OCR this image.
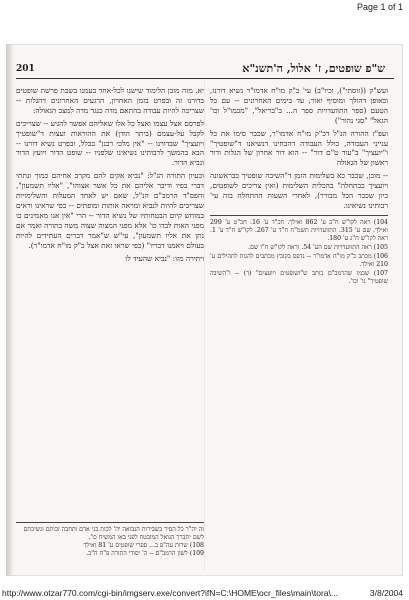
Page 1 of 1
201	ש"פ שופטים, ז' אלול, ה'תשנ"א

ועש"ק ((זוסתי"), וכיו"ב) עי' כ"ק מו"ח אדמו"ר נשיא דורנו, ובאופן דהולך ומוסיף ואור, עד בימים האחרונים -- עם כל הטעם (ספר התוועדויות ספר ה... ב"בריאל", "מכמו"ל וכו' הגאל" "סגי נהור")

ועפ"ז ההורה הנ"ל דכ"ק מו"ח אדמו"ר, שכבר סימו את כל ענייני העבודה, כולל העבודה דהבחינו דנשיאנו ד"שופטיך" ו"יועציך" ב"עוד ט"ם דור" -- הוא דור אחרון של הגלות ודור ראשון של הגאולה

-- מובן, שכבר כא בשלימות הזמן ד"השיבה שופטיך כבראשונה ויועציך כבתחלה" בהכלית השלימות (ואין צריכים לשופטים, כיון שכבר הכל מבורר), לאחרי השעות ההתחלה בזה עי' רבותינו נשיאינו.

104) ראה לקו"ש ח"ב ע' 862 ואילך. חכ"ד ע' 16. חכ"ט ע' 299 ואילך. שם ע' 315. התוועדויות תשמ"ח ח"ד ע' 267. לקו"ש ח"ד ע' 1. ראה לקו"ש ח"ג ע' 180.

105) ראה התוועדויות שם הע' 54. וראה לקו"ש ח"ו שם.

106) מכתב כ"ק מו"ח אדמו"ר -- נדפס בקובץ מכתבים להגות לתהילים ע' 210 ואילך.

107) שכמו שהרמב"ם כותב ש"ושופטים ויועצים" (ד) -- ו"השיבה שופטיך" גו' וכו'.

יא. מזה מובן הלימוד שישנו לכל-אחד בעמנו בשבת פרשת שופטים בדורנו זה ובפרט בזמן האחרון, הרגעים האחרונים דהגלות -- שצריכה להיות עבודה בהתאם מדה כנגד מדה למצב הגאולה:

לפרסם אצל עצמו ואצל כל אלו שאליהם אפשר להגיע -- שצריכים לקבל על-עצמם (ביתר הודן) את ההוראות ועצות ד"שופטיך ויועציך" שבדורנו -- "אין מלכי רבנן" בכלל, ובפרט נשיא דורנו -- הבא בהמשך לרבותינו נשיאינו שלפניו -- שופט הדור ויועץ הדור ונביא הדור.

וכעיון התורה הנ"ל: "נביא אקים להם מקרב אחיהם כמוך ונתתי דברי בפיו ודיבר אליהם את כל אשר אצוהו", "אליו תשמעון", והפס"ד הרמב"ם הנ"ל, שאם יש לאחד המעלות והשלימויות שצריכים להיות לנביא ומראה אותות ומופתים -- כפי שראינו וראים במוחש קיום הבטחותיו של נשיא הדור -- הרי "אין אנו מאמינים בו מפני האות לבדו כו' אלא מפני המצוה שצוה משה בתורה ואמר אם נתן את אליו תשמעון", עי"ש ש"אמר דברים העתידים להיות בעולם ויאמנו דבריו" (כפי שראו זאת אצל כ"ק מו"ח אדמו"ר).

ויתירה מזו: "נביא שהעיד לו

זה יה"ר כל הסיר בשבירות הנבואה יה' לכות בני אדם ותחבה זכותם ונשיכתם לשם יתברך הגואל המובטח לפני באו המשיח כו'.
108) שרות עה"פ ב... ספרי שופטים ע' 81 ואילך
109) לשון הרמב"ם -- ה' יסודי התורה פ"ח ה"ב.
http://www.otzar770.com/cgi-bin/imgserv.exe/convert?ifN=C:\HOME\ocr_files\main\tora\...	3/8/2004
